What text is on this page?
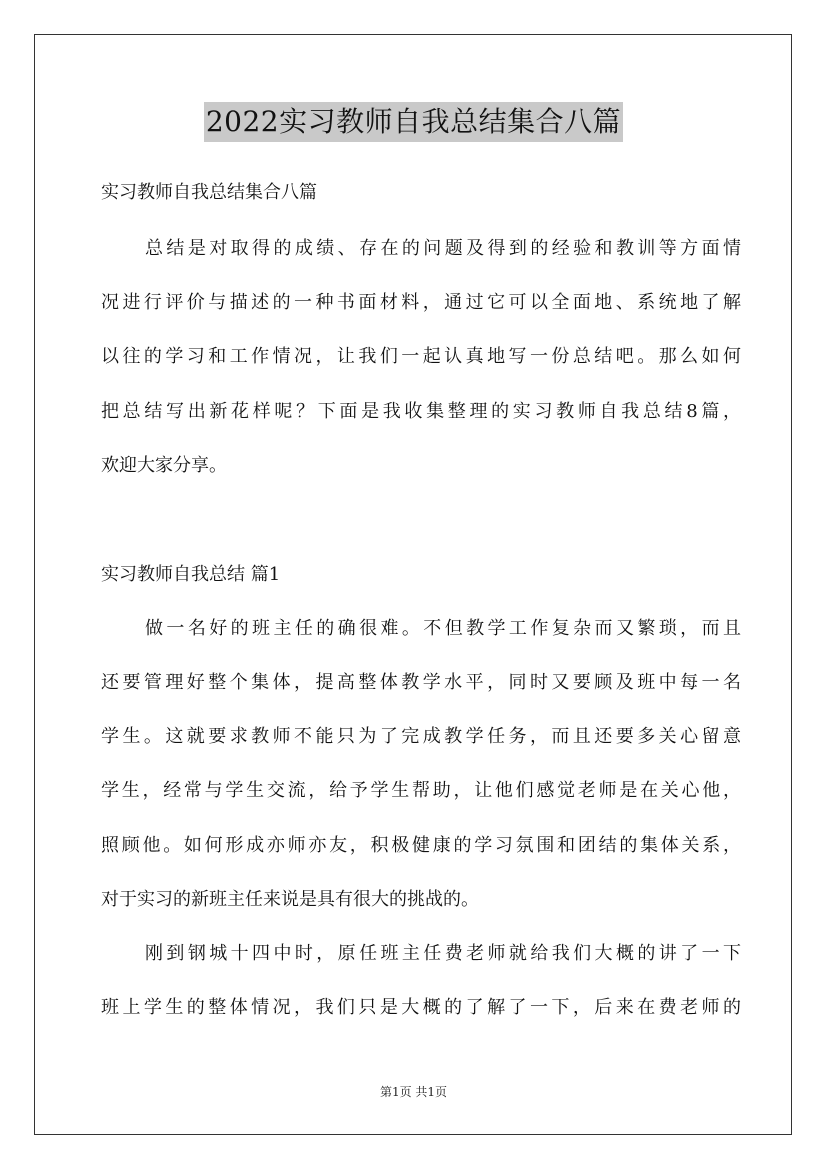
2022实习教师自我总结集合八篇
实习教师自我总结集合八篇
总结是对取得的成绩、存在的问题及得到的经验和教训等方面情
况进行评价与描述的一种书面材料，通过它可以全面地、系统地了解
以往的学习和工作情况，让我们一起认真地写一份总结吧。那么如何
把总结写出新花样呢？下面是我收集整理的实习教师自我总结8篇，
欢迎大家分享。
实习教师自我总结 篇1
做一名好的班主任的确很难。不但教学工作复杂而又繁琐，而且
还要管理好整个集体，提高整体教学水平，同时又要顾及班中每一名
学生。这就要求教师不能只为了完成教学任务，而且还要多关心留意
学生，经常与学生交流，给予学生帮助，让他们感觉老师是在关心他，
照顾他。如何形成亦师亦友，积极健康的学习氛围和团结的集体关系，
对于实习的新班主任来说是具有很大的挑战的。
刚到钢城十四中时，原任班主任费老师就给我们大概的讲了一下
班上学生的整体情况，我们只是大概的了解了一下，后来在费老师的
第1页 共1页
